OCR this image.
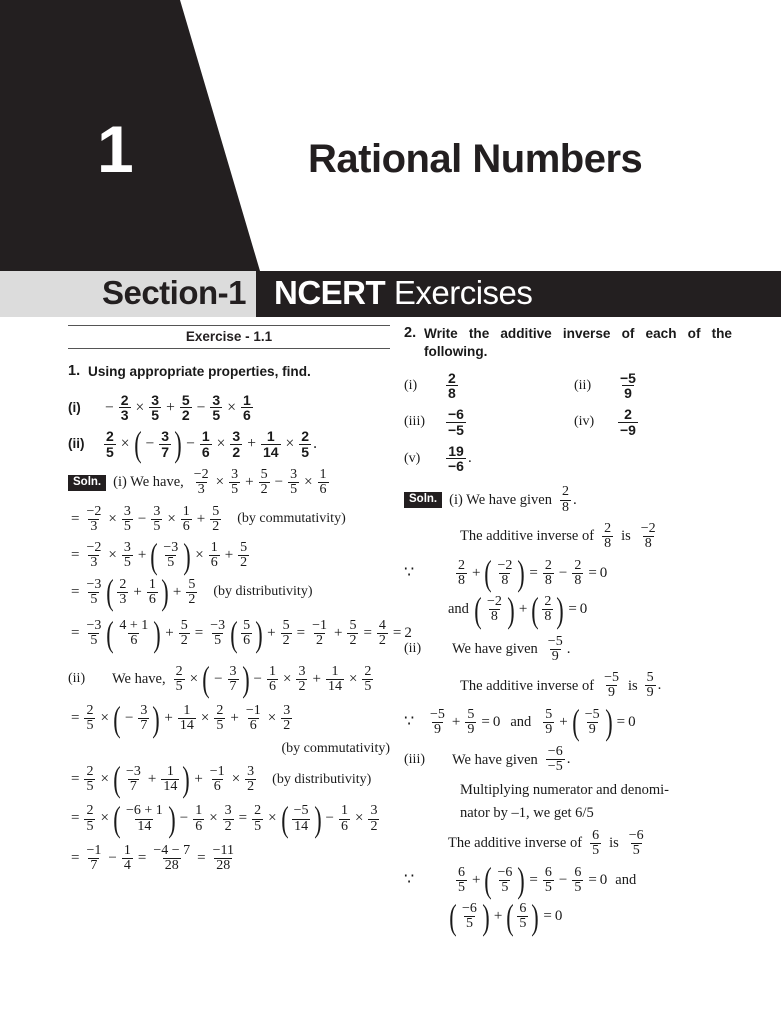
1	Rational Numbers
Section-1 NCERT Exercises
Exercise - 1.1
1. Using appropriate properties, find.
(i)	− $\frac{2}{3} \times \frac{3}{5} + \frac{5}{2} - \frac{3}{5} \times \frac{1}{6}$
(ii)	$\frac{2}{5}$ × ( − $\frac{3}{7}$ ) − $\frac{1}{6} \times \frac{3}{2} + \frac{1}{14} \times \frac{2}{5}$ .
Soln. (i) We have, $\frac{-2}{3} \times \frac{3}{5} + \frac{5}{2} - \frac{3}{5} \times \frac{1}{6}$
= $\frac{-2}{3} \times \frac{3}{5} - \frac{3}{5} \times \frac{1}{6} + \frac{5}{2} (by$ commutativity)
= $\frac{-2}{3} \times \frac{3}{5}$ + ( $\frac{-3}{5}$ ) × $\frac{1}{6} + \frac{5}{2}$
= $\frac{-3}{5}$ ( $\frac{2}{3} + \frac{1}{6}$ ) + $\frac{5}{2} (by$ distributivity)
= $\frac{-3}{5}$ ( $\frac{4 + 1}{6}$ ) + $\frac{5}{2} = \frac{-3}{5}$ ( $\frac{5}{6}$ ) + $\frac{5}{2} = \frac{-1}{2} + \frac{5}{2} = \frac{4}{2} = 2$
(ii)	We have, $\frac{2}{5}$ × ( − $\frac{3}{7}$ ) − $\frac{1}{6} \times \frac{3}{2} + \frac{1}{14} \times \frac{2}{5}$
= $\frac{2}{5}$ × ( − $\frac{3}{7}$ ) + $\frac{1}{14} \times \frac{2}{5} + \frac{-1}{6} \times \frac{3}{2}$
(by commutativity)
= $\frac{2}{5}$ × ( $\frac{-3}{7} + \frac{1}{14}$ ) + $\frac{-1}{6} \times \frac{3}{2} (by$ distributivity)
= $\frac{2}{5}$ × ( $\frac{-6 + 1}{14}$ ) − $\frac{1}{6} \times \frac{3}{2} = \frac{2}{5}$ × ( $\frac{-5}{14}$ ) − $\frac{1}{6} \times \frac{3}{2}$
= $\frac{-1}{7} - \frac{1}{4} = \frac{-4 - 7}{28} = \frac{-11}{28}$
2. Write the additive inverse of each of the following.
(i)	$\frac{2}{8}$	(ii)	$\frac{-5}{9}$
(iii)	$\frac{-6}{-5}$	(iv)	$\frac{2}{-9}$
(v)	$\frac{19}{-6}$ .
Soln. (i) We have given $\frac{2}{8}$ .
The additive inverse of $\frac{2}{8}$ is $\frac{-2}{8}$
∵	$\frac{2}{8}$ + ( $\frac{-2}{8}$ ) = $\frac{2}{8} - \frac{2}{8} = 0$
and ( $\frac{-2}{8}$ ) + ( $\frac{2}{8}$ ) = 0
(ii)	We have given $\frac{-5}{9}$ .
The additive inverse of $\frac{-5}{9}$ is $\frac{5}{9}$ .
∵ $\frac{-5}{9} + \frac{5}{9} = 0$ and $\frac{5}{9}$ + ( $\frac{-5}{9}$ ) = 0
(iii)	We have given $\frac{-6}{-5}$ .
Multiplying numerator and denomi-
nator by –1, we get 6/5
The additive inverse of $\frac{6}{5}$ is $\frac{-6}{5}$
∵	$\frac{6}{5}$ + ( $\frac{-6}{5}$ ) = $\frac{6}{5} - \frac{6}{5} = 0$ and
( $\frac{-6}{5}$ ) + ( $\frac{6}{5}$ ) = 0
